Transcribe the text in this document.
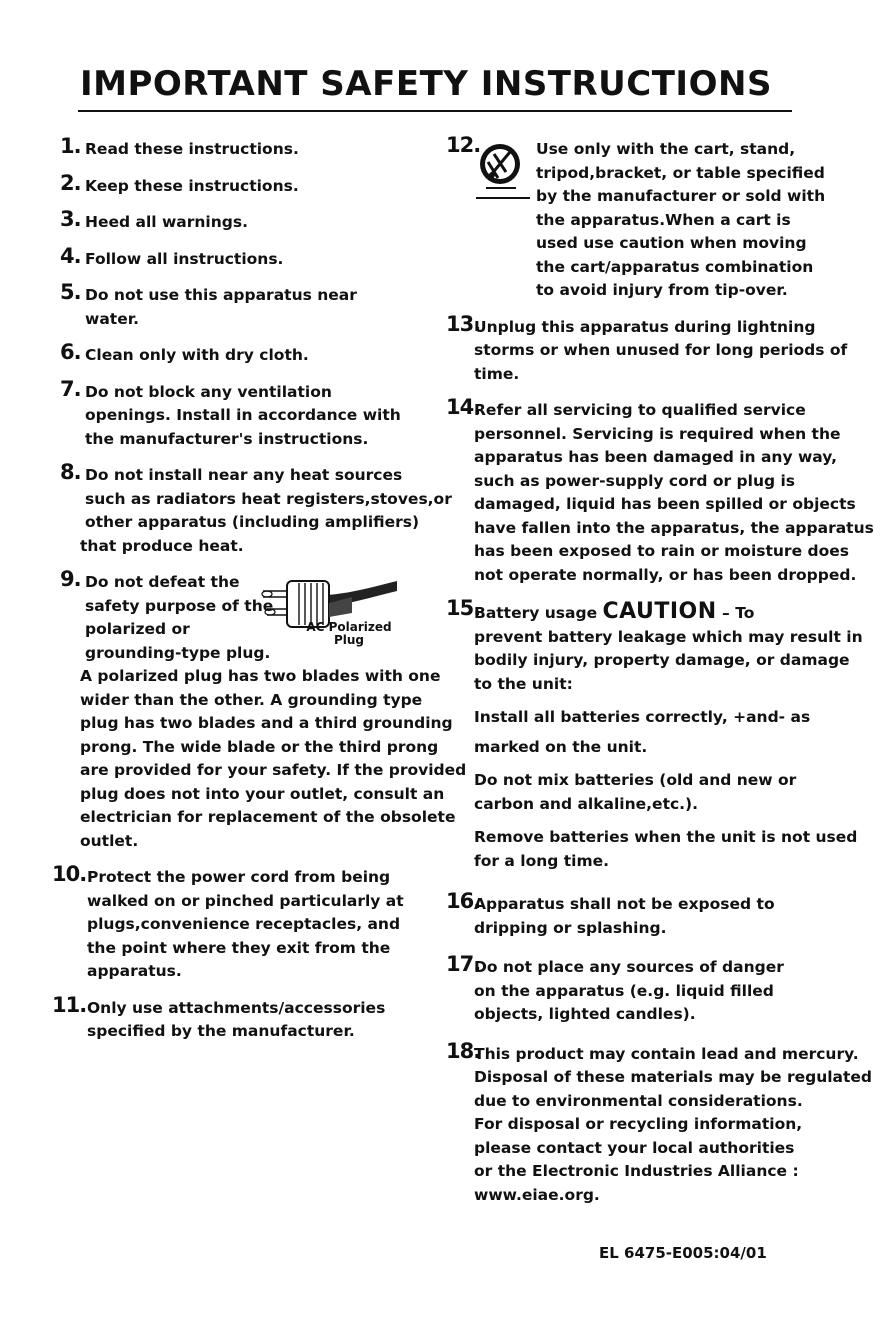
IMPORTANT SAFETY INSTRUCTIONS
1. Read these instructions.
2. Keep these instructions.
3. Heed all warnings.
4. Follow all instructions.
5. Do not use this apparatus near
water.
6. Clean only with dry cloth.
7. Do not block any ventilation
openings. Install in accordance with
the manufacturer's instructions.
8. Do not install near any heat sources
such as radiators heat registers,stoves,or
other apparatus (including amplifiers)
that produce heat.
9. Do not defeat the
safety purpose of the
polarized or
grounding-type plug.
AC Polarized
Plug
A polarized plug has two blades with one
wider than the other. A grounding type
plug has two blades and a third grounding
prong. The wide blade or the third prong
are provided for your safety. If the provided
plug does not into your outlet, consult an
electrician for replacement of the obsolete
outlet.
10. Protect the power cord from being
walked on or pinched particularly at
plugs,convenience receptacles, and
the point where they exit from the
apparatus.
11. Only use attachments/accessories
specified by the manufacturer.
12.	Use only with the cart, stand,
tripod,bracket, or table specified
by the manufacturer or sold with
the apparatus.When a cart is
used use caution when moving
the cart/apparatus combination
to avoid injury from tip-over.
13.
Unplug this apparatus during lightning
storms or when unused for long periods of
time.
14.
Refer all servicing to qualified service
personnel. Servicing is required when the
apparatus has been damaged in any way,
such as power-supply cord or plug is
damaged, liquid has been spilled or objects
have fallen into the apparatus, the apparatus
has been exposed to rain or moisture does
not operate normally, or has been dropped.
15.
Battery usage CAUTION – To
prevent battery leakage which may result in
bodily injury, property damage, or damage
to the unit:
Install all batteries correctly, +and- as
marked on the unit.
Do not mix batteries (old and new or
carbon and alkaline,etc.).
Remove batteries when the unit is not used
for a long time.
16.
Apparatus shall not be exposed to
dripping or splashing.
17.
Do not place any sources of danger
on the apparatus (e.g. liquid filled
objects, lighted candles).
18.
This product may contain lead and mercury.
Disposal of these materials may be regulated
due to environmental considerations.
For disposal or recycling information,
please contact your local authorities
or the Electronic Industries Alliance :
www.eiae.org.
EL 6475-E005:04/01
